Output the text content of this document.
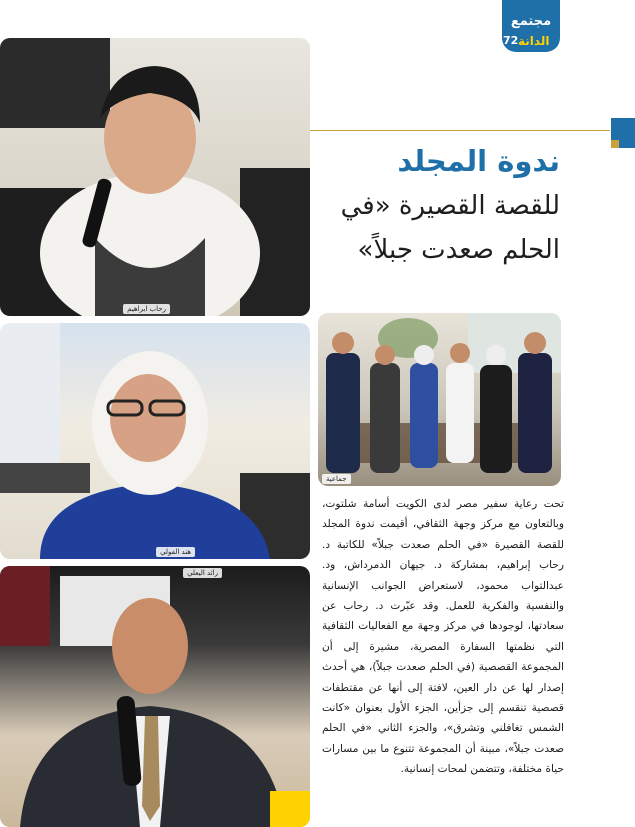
مجتمع
72 الدانة
ندوة المجلد
للقصة القصيرة «في الحلم صعدت جبلاً»
رحاب ابراهيم
هند الفولي
رائد اليعلي
جماعية
تحت رعاية سفير مصر لدى الكويت أسامة شلتوت، وبالتعاون مع مركز وجهة الثقافي، أقيمت ندوة المجلد للقصة القصيرة «في الحلم صعدت جبلاً» للكاتبة د. رحاب إبراهيم، بمشاركة د. جيهان الدمرداش، ود. عبدالتواب محمود، لاستعراض الجوانب الإنسانية والنفسية والفكرية للعمل. وقد عبّرت د. رحاب عن سعادتها، لوجودها في مركز وجهة مع الفعاليات الثقافية التي نظمتها السفارة المصرية، مشيرة إلى أن المجموعة القصصية (في الحلم صعدت جبلاً)، هي أحدث إصدار لها عن دار العين، لافتة إلى أنها عن مقتطفات قصصية تنقسم إلى جزأين، الجزء الأول بعنوان «كانت الشمس تغافلني وتشرق»، والجزء الثاني «في الحلم صعدت جبلاً»، مبينة أن المجموعة تتنوع ما بين مسارات حياة مختلفة، وتتضمن لمحات إنسانية.
